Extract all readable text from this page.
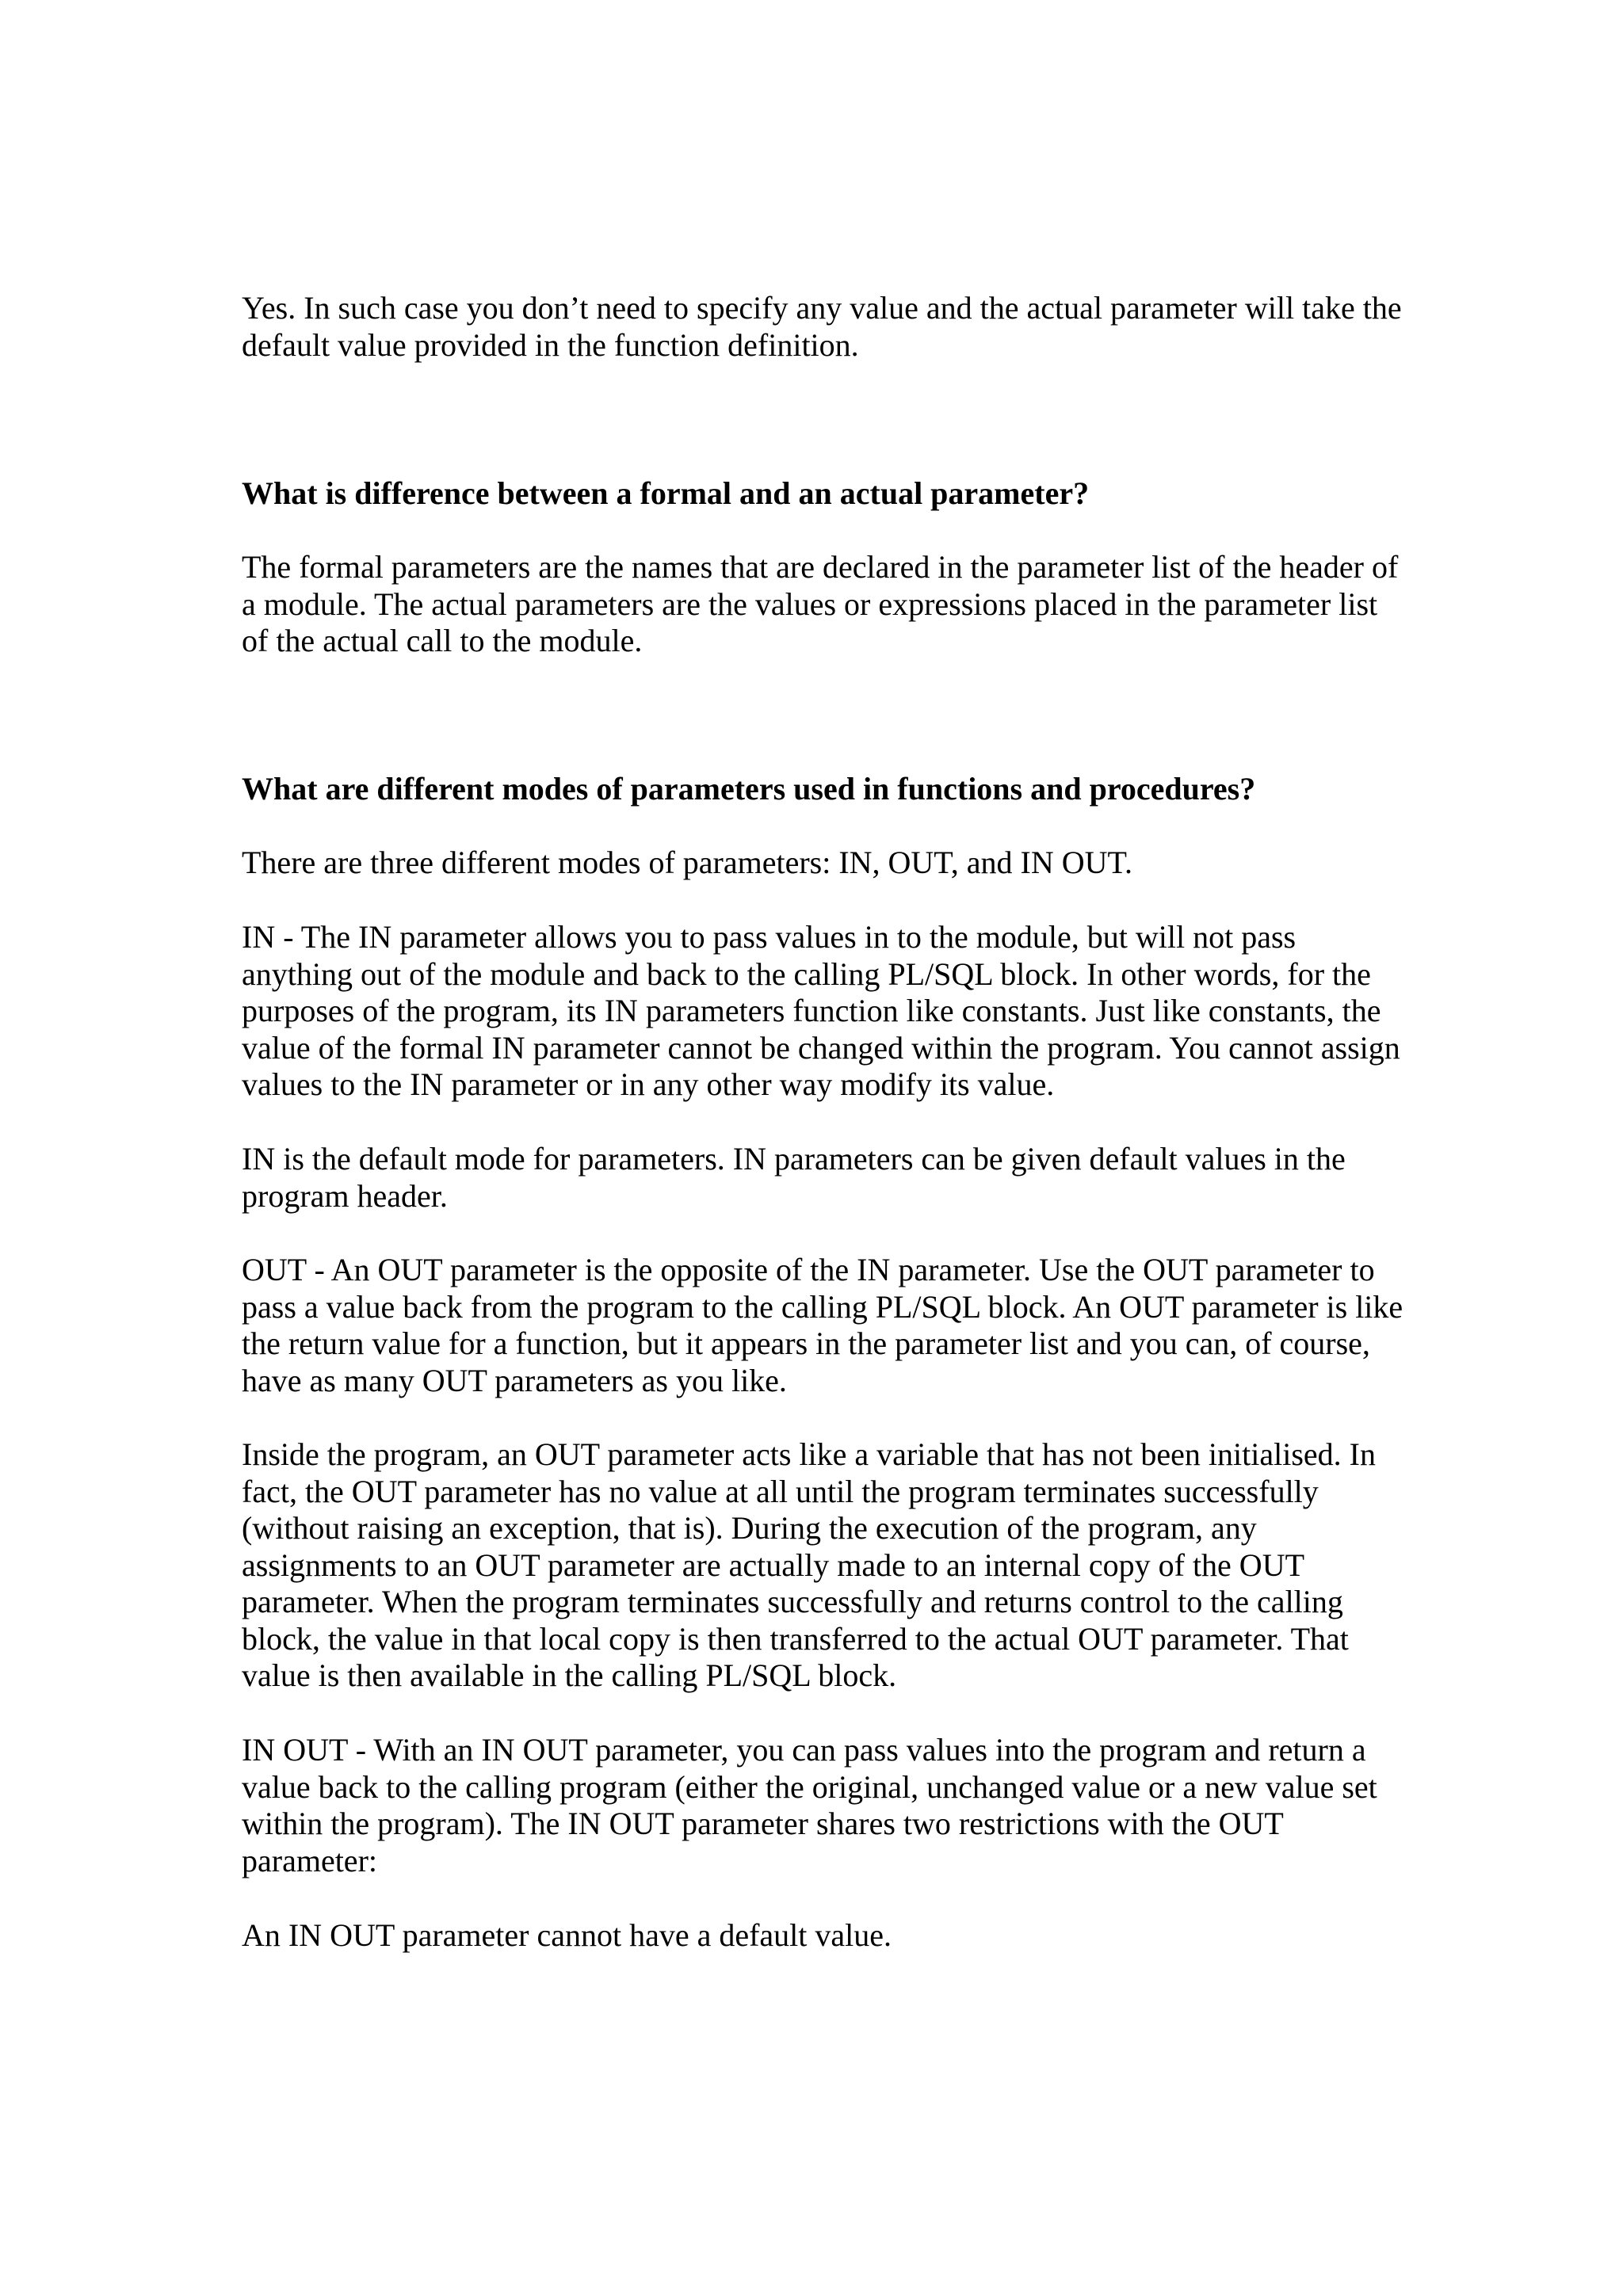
Yes. In such case you don’t need to specify any value and the actual parameter will take the default value provided in the function definition.

What is difference between a formal and an actual parameter?

The formal parameters are the names that are declared in the parameter list of the header of a module. The actual parameters are the values or expressions placed in the parameter list of the actual call to the module.

What are different modes of parameters used in functions and procedures?

There are three different modes of parameters: IN, OUT, and IN OUT.

IN - The IN parameter allows you to pass values in to the module, but will not pass anything out of the module and back to the calling PL/SQL block. In other words, for the purposes of the program, its IN parameters function like constants. Just like constants, the value of the formal IN parameter cannot be changed within the program. You cannot assign values to the IN parameter or in any other way modify its value.

IN is the default mode for parameters. IN parameters can be given default values in the program header.

OUT - An OUT parameter is the opposite of the IN parameter. Use the OUT parameter to pass a value back from the program to the calling PL/SQL block. An OUT parameter is like the return value for a function, but it appears in the parameter list and you can, of course, have as many OUT parameters as you like.

Inside the program, an OUT parameter acts like a variable that has not been initialised. In fact, the OUT parameter has no value at all until the program terminates successfully (without raising an exception, that is). During the execution of the program, any assignments to an OUT parameter are actually made to an internal copy of the OUT parameter. When the program terminates successfully and returns control to the calling block, the value in that local copy is then transferred to the actual OUT parameter. That value is then available in the calling PL/SQL block.

IN OUT - With an IN OUT parameter, you can pass values into the program and return a value back to the calling program (either the original, unchanged value or a new value set within the program). The IN OUT parameter shares two restrictions with the OUT parameter:

An IN OUT parameter cannot have a default value.
